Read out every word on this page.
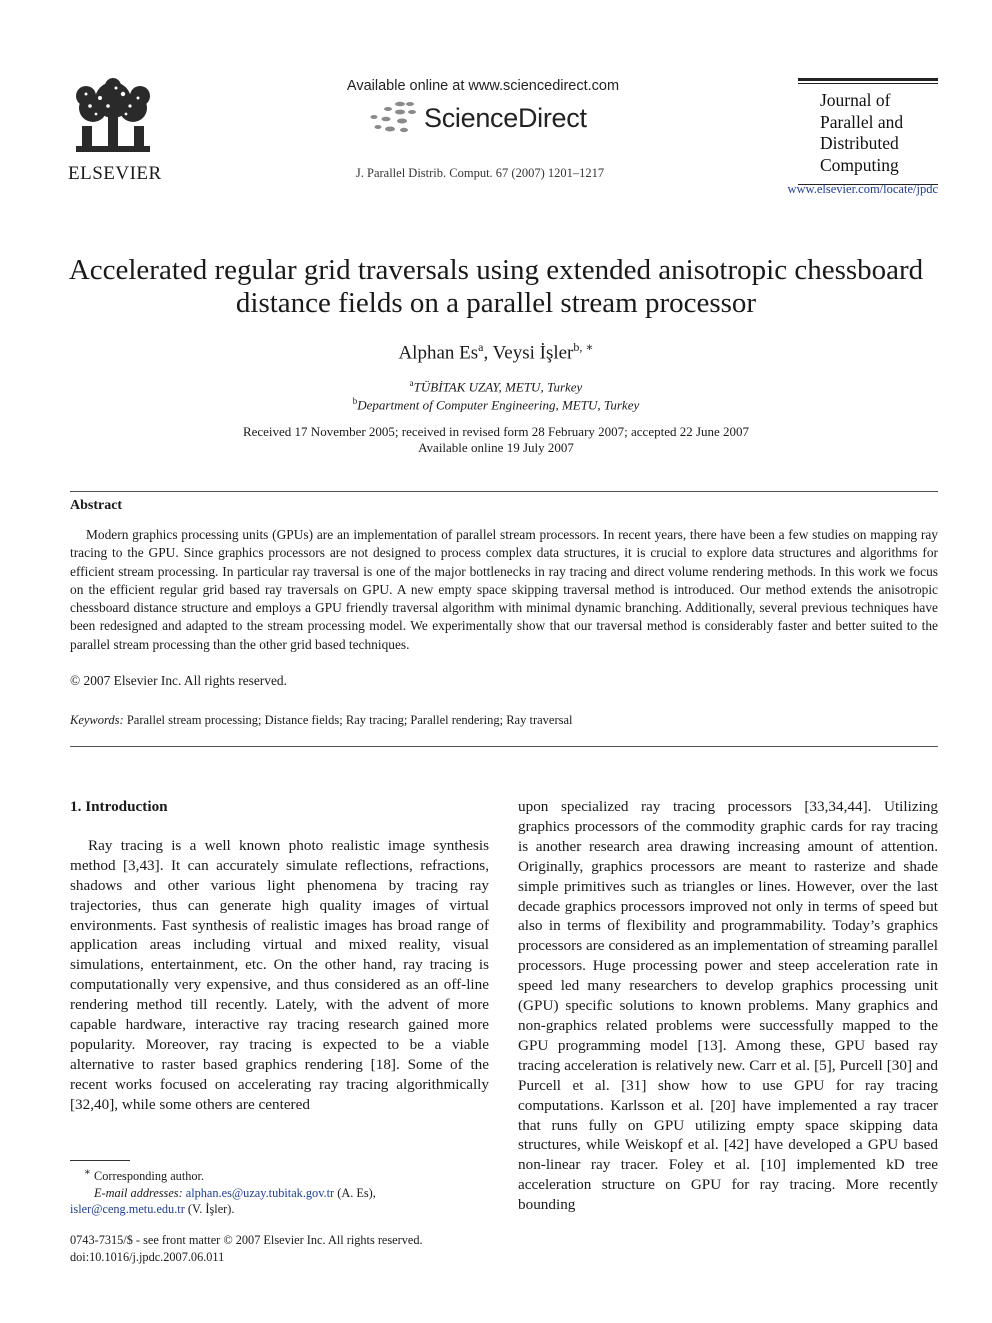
ELSEVIER
Available online at www.sciencedirect.com
ScienceDirect
J. Parallel Distrib. Comput. 67 (2007) 1201–1217
Journal of
Parallel and
Distributed
Computing
www.elsevier.com/locate/jpdc
Accelerated regular grid traversals using extended anisotropic chessboard
distance fields on a parallel stream processor
Alphan Es$^a$, Veysi İşler$^{b, ∗}$
$^a$TÜBİTAK UZAY, METU, Turkey
$^b$Department of Computer Engineering, METU, Turkey
Received 17 November 2005; received in revised form 28 February 2007; accepted 22 June 2007
Available online 19 July 2007
Abstract
Modern graphics processing units (GPUs) are an implementation of parallel stream processors. In recent years, there have been a few studies on mapping ray tracing to the GPU. Since graphics processors are not designed to process complex data structures, it is crucial to explore data structures and algorithms for efficient stream processing. In particular ray traversal is one of the major bottlenecks in ray tracing and direct volume rendering methods. In this work we focus on the efficient regular grid based ray traversals on GPU. A new empty space skipping traversal method is introduced. Our method extends the anisotropic chessboard distance structure and employs a GPU friendly traversal algorithm with minimal dynamic branching. Additionally, several previous techniques have been redesigned and adapted to the stream processing model. We experimentally show that our traversal method is considerably faster and better suited to the parallel stream processing than the other grid based techniques.
© 2007 Elsevier Inc. All rights reserved.
Keywords: Parallel stream processing; Distance fields; Ray tracing; Parallel rendering; Ray traversal
1. Introduction

Ray tracing is a well known photo realistic image synthesis method [3,43]. It can accurately simulate reflections, refractions, shadows and other various light phenomena by tracing ray trajectories, thus can generate high quality images of virtual environments. Fast synthesis of realistic images has broad range of application areas including virtual and mixed reality, visual simulations, entertainment, etc. On the other hand, ray tracing is computationally very expensive, and thus considered as an off-line rendering method till recently. Lately, with the advent of more capable hardware, interactive ray tracing research gained more popularity. Moreover, ray tracing is expected to be a viable alternative to raster based graphics rendering [18]. Some of the recent works focused on accelerating ray tracing algorithmically [32,40], while some others are centered

upon specialized ray tracing processors [33,34,44]. Utilizing graphics processors of the commodity graphic cards for ray tracing is another research area drawing increasing amount of attention. Originally, graphics processors are meant to rasterize and shade simple primitives such as triangles or lines. However, over the last decade graphics processors improved not only in terms of speed but also in terms of flexibility and programmability. Today’s graphics processors are considered as an implementation of streaming parallel processors. Huge processing power and steep acceleration rate in speed led many researchers to develop graphics processing unit (GPU) specific solutions to known problems. Many graphics and non-graphics related problems were successfully mapped to the GPU programming model [13]. Among these, GPU based ray tracing acceleration is relatively new. Carr et al. [5], Purcell [30] and Purcell et al. [31] show how to use GPU for ray tracing computations. Karlsson et al. [20] have implemented a ray tracer that runs fully on GPU utilizing empty space skipping data structures, while Weiskopf et al. [42] have developed a GPU based non-linear ray tracer. Foley et al. [10] implemented kD tree acceleration structure on GPU for ray tracing. More recently bounding

∗ Corresponding author.
E-mail addresses: alphan.es@uzay.tubitak.gov.tr (A. Es),
isler@ceng.metu.edu.tr (V. İşler).
0743-7315/$ - see front matter © 2007 Elsevier Inc. All rights reserved.
doi:10.1016/j.jpdc.2007.06.011
